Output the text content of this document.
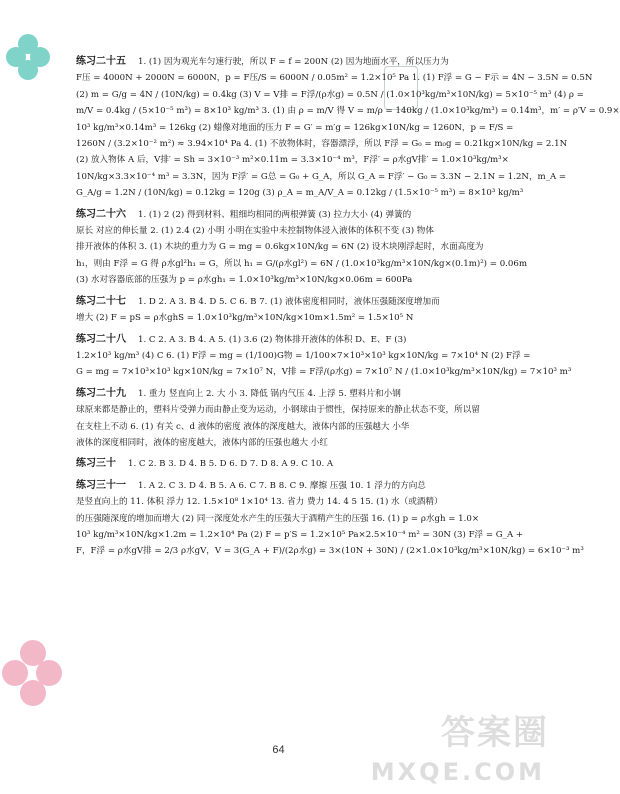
练习二十五 1. (1) 因为观光车匀速行驶，所以 F = f = 200N (2) 因为地面水平，所以压力为
F压 = 4000N + 2000N = 6000N，p = F压/S = 6000N / 0.05m² = 1.2×10⁵ Pa 1. (1) F浮 = G − F示 = 4N − 3.5N = 0.5N
(2) m = G/g = 4N / (10N/kg) = 0.4kg (3) V = V排 = F浮/(ρ水g) = 0.5N / (1.0×10³kg/m³×10N/kg) = 5×10⁻⁵ m³ (4) ρ =
m/V = 0.4kg / (5×10⁻⁵ m³) = 8×10³ kg/m³ 3. (1) 由 ρ = m/V 得 V = m/ρ = 140kg / (1.0×10³kg/m³) = 0.14m³，m′ = ρ′V = 0.9×
10³ kg/m³×0.14m³ = 126kg (2) 蜡像对地面的压力 F = G′ = m′g = 126kg×10N/kg = 1260N，p = F/S =
1260N / (3.2×10⁻² m²) ≈ 3.94×10⁴ Pa 4. (1) 不放物体时，容器漂浮，所以 F浮 = G₀ = m₀g = 0.21kg×10N/kg = 2.1N
(2) 放入物体 A 后，V排′ = Sh = 3×10⁻³ m²×0.11m = 3.3×10⁻⁴ m³，F浮′ = ρ水gV排′ = 1.0×10³kg/m³×
10N/kg×3.3×10⁻⁴ m³ = 3.3N，因为 F浮′ = G总 = G₀ + G_A，所以 G_A = F浮′ − G₀ = 3.3N − 2.1N = 1.2N，m_A =
G_A/g = 1.2N / (10N/kg) = 0.12kg = 120g (3) ρ_A = m_A/V_A = 0.12kg / (1.5×10⁻⁵ m³) = 8×10³ kg/m³
练习二十六 1. (1) 2 (2) 得到材料、粗细均相同的两根弹簧 (3) 拉力大小 (4) 弹簧的
原长 对应的伸长量 2. (1) 2.4 (2) 小明 小明在实验中未控制物体浸入液体的体积不变 (3) 物体
排开液体的体积 3. (1) 木块的重力为 G = mg = 0.6kg×10N/kg = 6N (2) 设木块刚浮起时，水面高度为
h₁，则由 F浮 = G 得 ρ水gl²h₁ = G，所以 h₁ = G/(ρ水gl²) = 6N / (1.0×10³kg/m³×10N/kg×(0.1m)²) = 0.06m
(3) 水对容器底部的压强为 p = ρ水gh₁ = 1.0×10³kg/m³×10N/kg×0.06m = 600Pa
练习二十七 1. D 2. A 3. B 4. D 5. C 6. B 7. (1) 液体密度相同时，液体压强随深度增加而
增大 (2) F = pS = ρ水ghS = 1.0×10³kg/m³×10N/kg×10m×1.5m² = 1.5×10⁵ N
练习二十八 1. C 2. A 3. B 4. A 5. (1) 3.6 (2) 物体排开液体的体积 D、E、F (3)
1.2×10³ kg/m³ (4) C 6. (1) F浮 = mg = (1/100)G物 = 1/100×7×10³×10³ kg×10N/kg = 7×10⁴ N (2) F浮 =
G = mg = 7×10³×10³ kg×10N/kg = 7×10⁷ N，V排 = F浮/(ρ水g) = 7×10⁷ N / (1.0×10³kg/m³×10N/kg) = 7×10³ m³
练习二十九 1. 重力 竖直向上 2. 大 小 3. 降低 锅内气压 4. 上浮 5. 塑料片和小钢
球原来都是静止的，塑料片受弹力而由静止变为运动，小钢球由于惯性，保持原来的静止状态不变，所以留
在支柱上不动 6. (1) 有关 c、d 液体的密度 液体的深度越大，液体内部的压强越大 小华
液体的深度相同时，液体的密度越大，液体内部的压强也越大 小红
练习三十 1. C 2. B 3. D 4. B 5. D 6. D 7. D 8. A 9. C 10. A
练习三十一 1. A 2. C 3. D 4. B 5. A 6. C 7. B 8. C 9. 摩擦 压强 10. 1 浮力的方向总
是竖直向上的 11. 体积 浮力 12. 1.5×10⁸ 1×10⁴ 13. 省力 费力 14. 4 5 15. (1) 水（或酒精）
的压强随深度的增加而增大 (2) 同一深度处水产生的压强大于酒精产生的压强 16. (1) p = ρ水gh = 1.0×
10³ kg/m³×10N/kg×1.2m = 1.2×10⁴ Pa (2) F = p′S = 1.2×10⁵ Pa×2.5×10⁻⁴ m² = 30N (3) F浮 = G_A +
F，F浮 = ρ水gV排 = 2/3 ρ水gV，V = 3(G_A + F)/(2ρ水g) = 3×(10N + 30N) / (2×1.0×10³kg/m³×10N/kg) = 6×10⁻³ m³
64	答案圈
MXQE.COM
